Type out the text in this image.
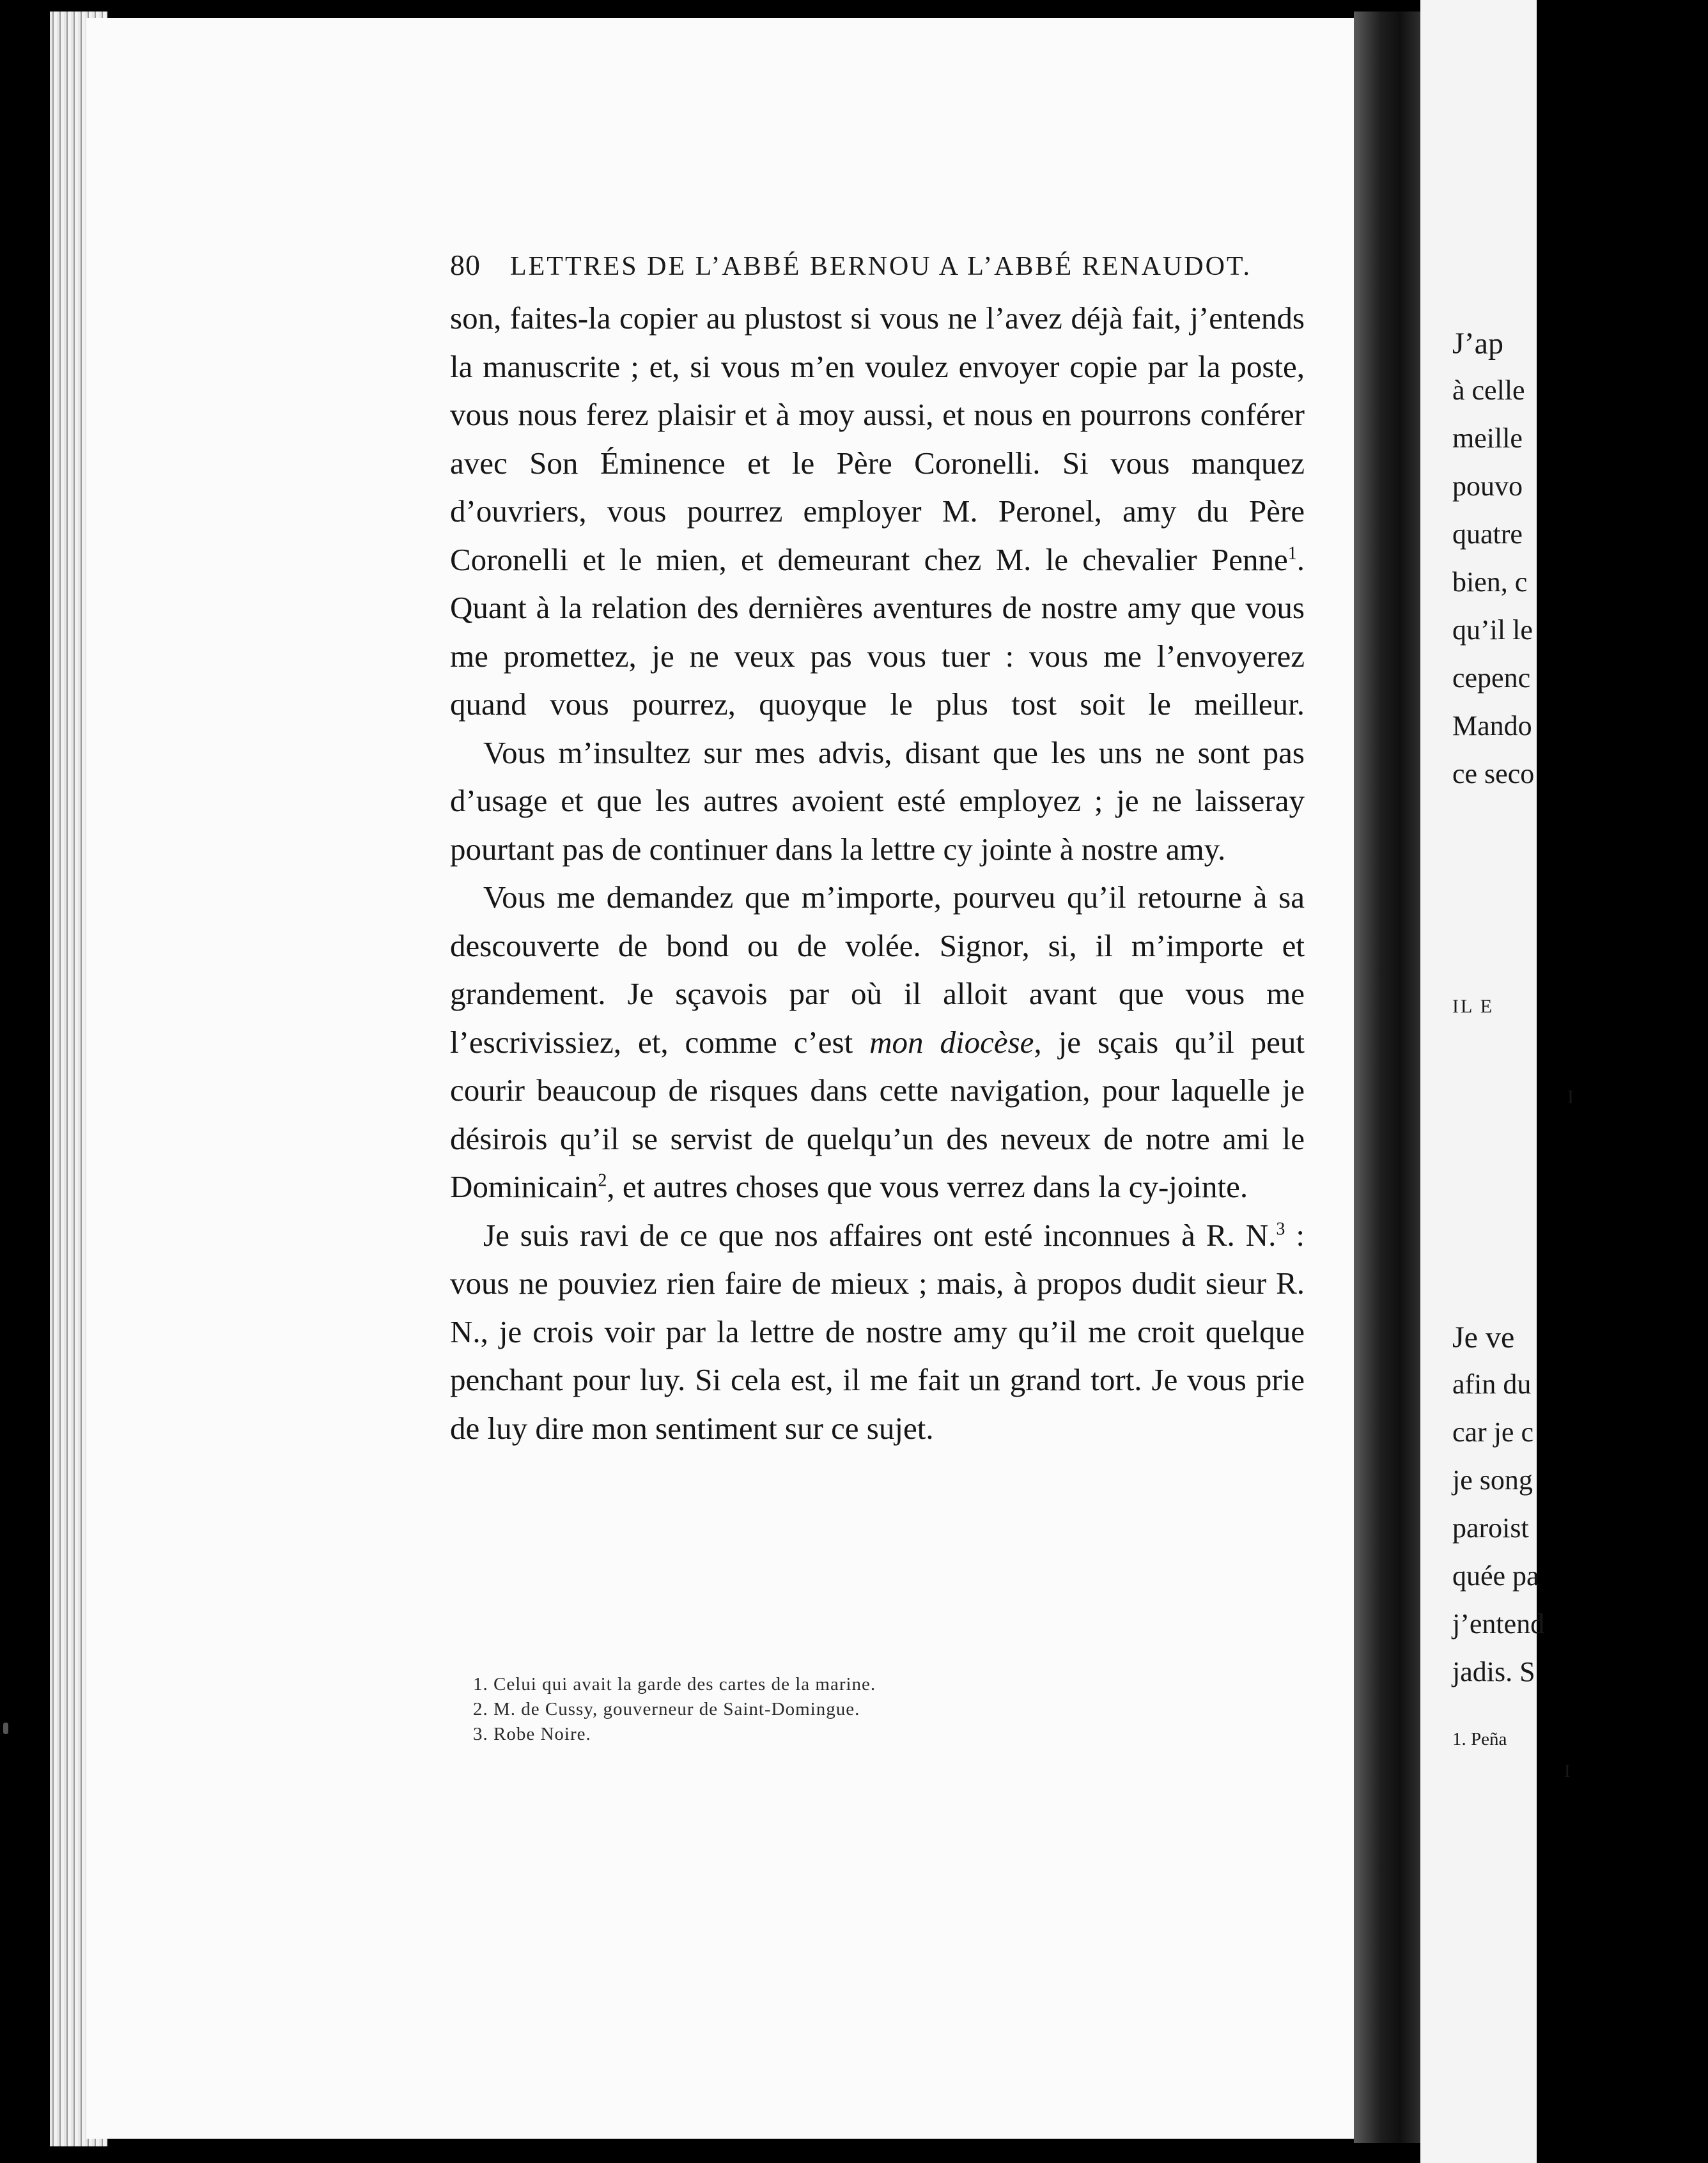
J’ap
à celle
meille
pouvo
quatre
bien, c
qu’il le
cepenc
Mando
ce seco
IL E
I
Je ve
afin du
car je c
je song
paroist
quée pa
j’entend
jadis. S
1. Peña
I
80 LETTRES DE L’ABBÉ BERNOU A L’ABBÉ RENAUDOT.

son, faites-la copier au plustost si vous ne l’avez déjà fait, j’entends la manuscrite ; et, si vous m’en voulez envoyer copie par la poste, vous nous ferez plaisir et à moy aussi, et nous en pourrons conférer avec Son Éminence et le Père Coronelli. Si vous manquez d’ouvriers, vous pourrez employer M. Peronel, amy du Père Coronelli et le mien, et demeurant chez M. le chevalier Penne$^1$. Quant à la relation des dernières aventures de nostre amy que vous me promettez, je ne veux pas vous tuer : vous me l’envoyerez quand vous pourrez, quoyque le plus tost soit le meilleur.

Vous m’insultez sur mes advis, disant que les uns ne sont pas d’usage et que les autres avoient esté employez ; je ne laisseray pourtant pas de continuer dans la lettre cy jointe à nostre amy.

Vous me demandez que m’importe, pourveu qu’il retourne à sa descouverte de bond ou de volée. Signor, si, il m’importe et grandement. Je sçavois par où il alloit avant que vous me l’escrivissiez, et, comme c’est mon diocèse, je sçais qu’il peut courir beaucoup de risques dans cette navigation, pour laquelle je désirois qu’il se servist de quelqu’un des neveux de notre ami le Dominicain$^2$, et autres choses que vous verrez dans la cy-jointe.

Je suis ravi de ce que nos affaires ont esté inconnues à R. N.$^3$ : vous ne pouviez rien faire de mieux ; mais, à propos dudit sieur R. N., je crois voir par la lettre de nostre amy qu’il me croit quelque penchant pour luy. Si cela est, il me fait un grand tort. Je vous prie de luy dire mon sentiment sur ce sujet.

1. Celui qui avait la garde des cartes de la marine.
2. M. de Cussy, gouverneur de Saint-Domingue.
3. Robe Noire.
